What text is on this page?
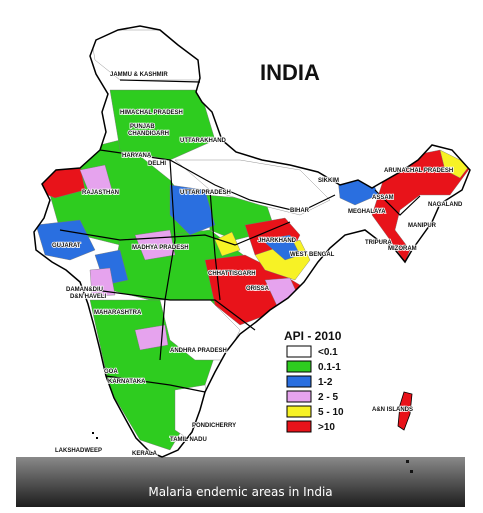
INDIA
JAMMU & KASHMIR
HIMACHAL PRADESH
PUNJAB
CHANDIGARH
UTTARAKHAND
HARYANA
DELHI
RAJASTHAN	UTTAR PRADESH
SIKKIM
ARUNACHAL PRADESH
ASSAM
NAGALAND
MEGHALAYA
MANIPUR
TRIPURA
MIZORAM
BIHAR
GUJARAT	MADHYA PRADESH
JHARKHAND
WEST BENGAL
DAMAN&DIU
D&N HAVELI
CHHATTISGARH
ORISSA
MAHARASHTRA
ANDHRA PRADESH
GOA
KARNATAKA
PONDICHERRY
TAMIL NADU
KERALA
LAKSHADWEEP
A&N ISLANDS
API - 2010
<0.1
0.1-1
1-2
2 - 5
5 - 10
>10
Malaria endemic areas in India
